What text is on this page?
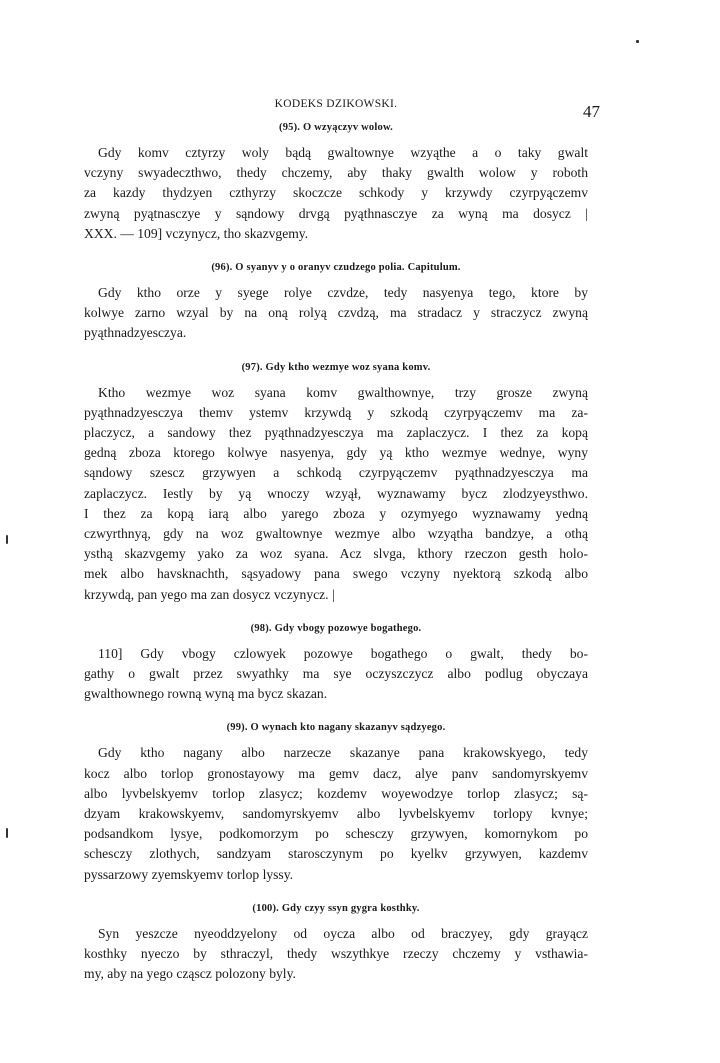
KODEKS DZIKOWSKI.	47
(95). O wzyączyv wolow.
Gdy komv cztyrzy woly bądą gwaltownye wzyąthe a o taky gwalt
vczyny swyadeczthwo, thedy chczemy, aby thaky gwalth wolow y roboth
za kazdy thydzyen czthyrzy skoczcze schkody y krzywdy czyrpyączemv
zwyną pyątnasczye y sąndowy drvgą pyąthnasczye za wyną ma dosycz |
XXX. — 109] vczynycz, tho skazvgemy.
(96). O syanyv y o oranyv czudzego polia. Capitulum.
Gdy ktho orze y syege rolye czvdze, tedy nasyenya tego, ktore by
kolwye zarno wzyal by na oną rolyą czvdzą, ma stradacz y straczycz zwyną
pyąthnadzyesczya.
(97). Gdy ktho wezmye woz syana komv.
Ktho wezmye woz syana komv gwalthownye, trzy grosze zwyną
pyąthnadzyesczya themv ystemv krzywdą y szkodą czyrpyączemv ma za-
placzycz, a sandowy thez pyąthnadzyesczya ma zaplaczycz. I thez za kopą
gedną zboza ktorego kolwye nasyenya, gdy yą ktho wezmye wednye, wyny
sąndowy szescz grzywyen a schkodą czyrpyączemv pyąthnadzyesczya ma
zaplaczycz. Iestly by yą wnoczy wzyął, wyznawamy bycz zlodzyeysthwo.
I thez za kopą iarą albo yarego zboza y ozymyego wyznawamy yedną
czwyrthnyą, gdy na woz gwaltownye wezmye albo wzyątha bandzye, a othą
ysthą skazvgemy yako za woz syana. Acz slvga, kthory rzeczon gesth holo-
mek albo havsknachth, sąsyadowy pana swego vczyny nyektorą szkodą albo
krzywdą, pan yego ma zan dosycz vczynycz. |
(98). Gdy vbogy pozowye bogathego.
110] Gdy vbogy czlowyek pozowye bogathego o gwalt, thedy bo-
gathy o gwalt przez swyathky ma sye oczyszczycz albo podlug obyczaya
gwalthownego rowną wyną ma bycz skazan.
(99). O wynach kto nagany skazanyv sądzyego.
Gdy ktho nagany albo narzecze skazanye pana krakowskyego, tedy
kocz albo torlop gronostayowy ma gemv dacz, alye panv sandomyrskyemv
albo lyvbelskyemv torlop zlasycz; kozdemv woyewodzye torlop zlasycz; są-
dzyam krakowskyemv, sandomyrskyemv albo lyvbelskyemv torlopy kvnye;
podsandkom lysye, podkomorzym po schesczy grzywyen, komornykom po
schesczy zlothych, sandzyam starosczynym po kyelkv grzywyen, kazdemv
pyssarzowy zyemskyemv torlop lyssy.
(100). Gdy czyy ssyn gygra kosthky.
Syn yeszcze nyeoddzyelony od oycza albo od braczyey, gdy grayącz
kosthky nyeczo by sthraczyl, thedy wszythkye rzeczy chczemy y vsthawia-
my, aby na yego cząscz polozony byly.
